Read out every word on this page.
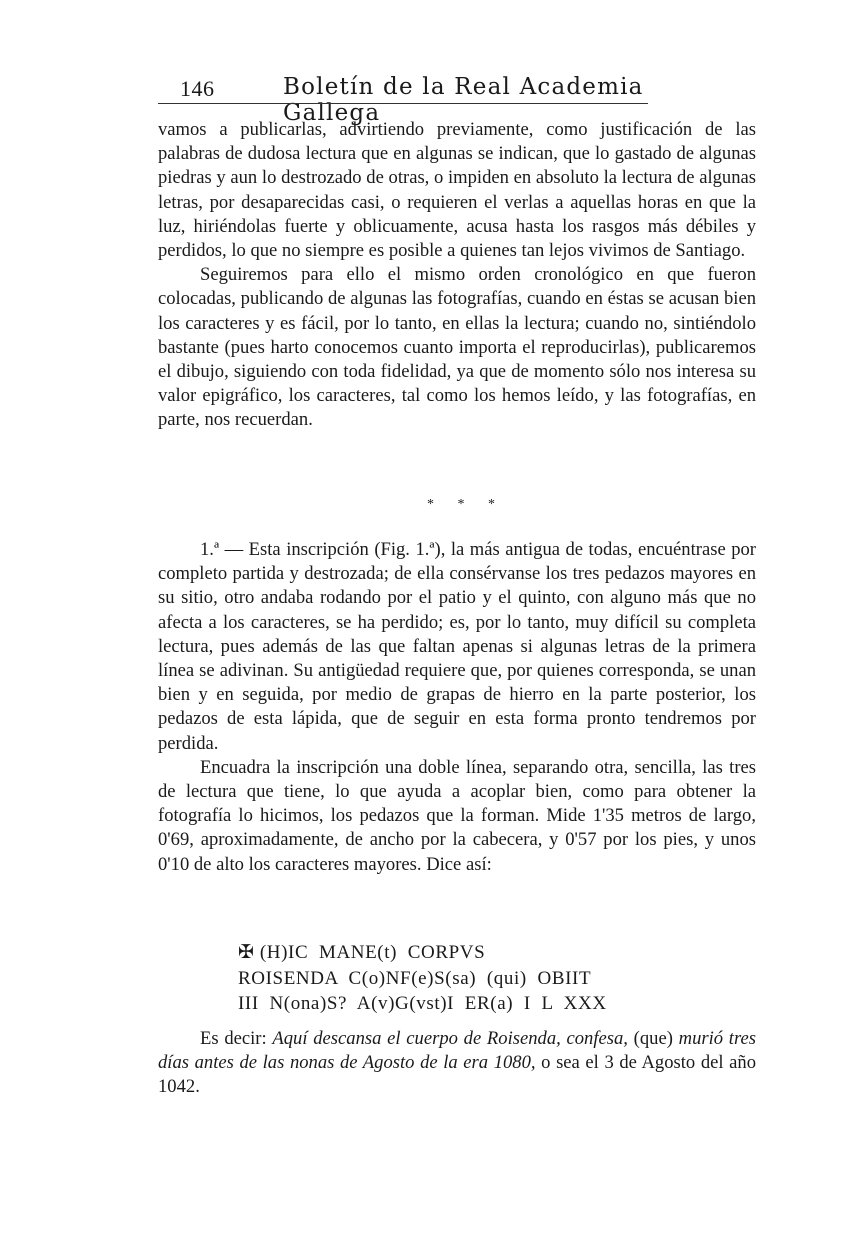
146	Boletín de la Real Academia Gallega

vamos a publicarlas, advirtiendo previamente, como justificación de las palabras de dudosa lectura que en algunas se indican, que lo gastado de algunas piedras y aun lo destrozado de otras, o impiden en absoluto la lectura de algunas letras, por desaparecidas casi, o requieren el verlas a aquellas horas en que la luz, hiriéndolas fuerte y oblicuamente, acusa hasta los rasgos más débiles y perdidos, lo que no siempre es posible a quienes tan lejos vivimos de Santiago.

Seguiremos para ello el mismo orden cronológico en que fueron colocadas, publicando de algunas las fotografías, cuando en éstas se acusan bien los caracteres y es fácil, por lo tanto, en ellas la lectura; cuando no, sintiéndolo bastante (pues harto conocemos cuanto importa el reproducirlas), publicaremos el dibujo, siguiendo con toda fidelidad, ya que de momento sólo nos interesa su valor epigráfico, los caracteres, tal como los hemos leído, y las fotografías, en parte, nos recuerdan.

* * *

1.ª — Esta inscripción (Fig. 1.ª), la más antigua de todas, encuéntrase por completo partida y destrozada; de ella consérvanse los tres pedazos mayores en su sitio, otro andaba rodando por el patio y el quinto, con alguno más que no afecta a los caracteres, se ha perdido; es, por lo tanto, muy difícil su completa lectura, pues además de las que faltan apenas si algunas letras de la primera línea se adivinan. Su antigüedad requiere que, por quienes corresponda, se unan bien y en seguida, por medio de grapas de hierro en la parte posterior, los pedazos de esta lápida, que de seguir en esta forma pronto tendremos por perdida.

Encuadra la inscripción una doble línea, separando otra, sencilla, las tres de lectura que tiene, lo que ayuda a acoplar bien, como para obtener la fotografía lo hicimos, los pedazos que la forman. Mide 1'35 metros de largo, 0'69, aproximadamente, de ancho por la cabecera, y 0'57 por los pies, y unos 0'10 de alto los caracteres mayores. Dice así:

✠ (H)IC  MANE(t)  CORPVS
ROISENDA  C(o)NF(e)S(sa)  (qui)  OBIIT
III  N(ona)S?  A(v)G(vst)I  ER(a)  I  L  XXX

Es decir: Aquí descansa el cuerpo de Roisenda, confesa, (que) murió tres días antes de las nonas de Agosto de la era 1080, o sea el 3 de Agosto del año 1042.
